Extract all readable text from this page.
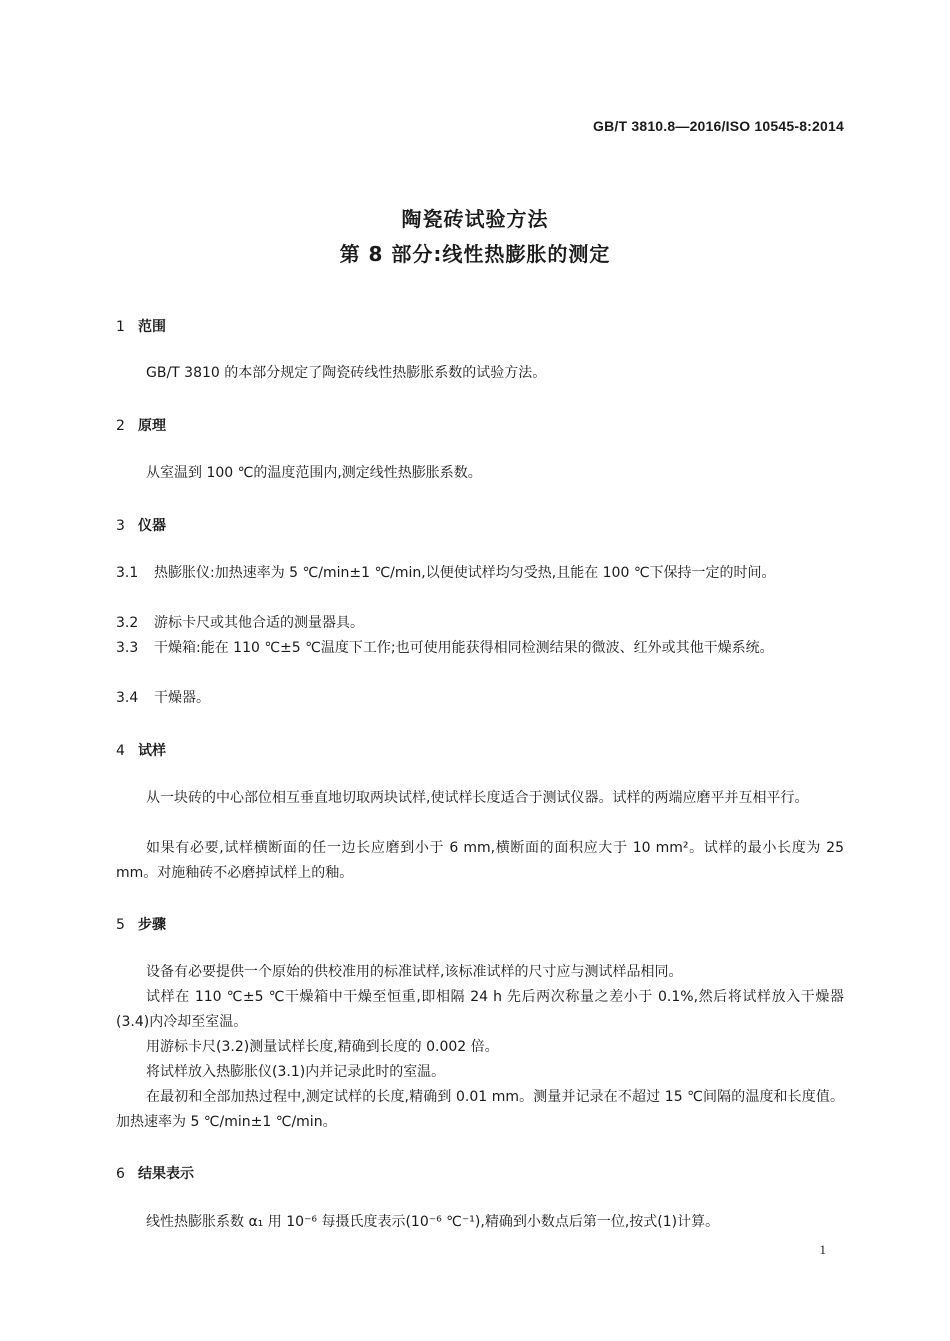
GB/T 3810.8—2016/ISO 10545-8:2014
陶瓷砖试验方法
第 8 部分:线性热膨胀的测定
1 范围
GB/T 3810 的本部分规定了陶瓷砖线性热膨胀系数的试验方法。
2 原理
从室温到 100 ℃的温度范围内,测定线性热膨胀系数。
3 仪器
3.1 热膨胀仪:加热速率为 5 ℃/min±1 ℃/min,以便使试样均匀受热,且能在 100 ℃下保持一定的时间。
3.2 游标卡尺或其他合适的测量器具。
3.3 干燥箱:能在 110 ℃±5 ℃温度下工作;也可使用能获得相同检测结果的微波、红外或其他干燥系统。
3.4 干燥器。
4 试样
从一块砖的中心部位相互垂直地切取两块试样,使试样长度适合于测试仪器。试样的两端应磨平并互相平行。
如果有必要,试样横断面的任一边长应磨到小于 6 mm,横断面的面积应大于 10 mm²。试样的最小长度为 25 mm。对施釉砖不必磨掉试样上的釉。
5 步骤
设备有必要提供一个原始的供校准用的标准试样,该标准试样的尺寸应与测试样品相同。
试样在 110 ℃±5 ℃干燥箱中干燥至恒重,即相隔 24 h 先后两次称量之差小于 0.1%,然后将试样放入干燥器(3.4)内冷却至室温。
用游标卡尺(3.2)测量试样长度,精确到长度的 0.002 倍。
将试样放入热膨胀仪(3.1)内并记录此时的室温。
在最初和全部加热过程中,测定试样的长度,精确到 0.01 mm。测量并记录在不超过 15 ℃间隔的温度和长度值。加热速率为 5 ℃/min±1 ℃/min。
6 结果表示
线性热膨胀系数 α₁ 用 10⁻⁶ 每摄氏度表示(10⁻⁶ ℃⁻¹),精确到小数点后第一位,按式(1)计算。
1
